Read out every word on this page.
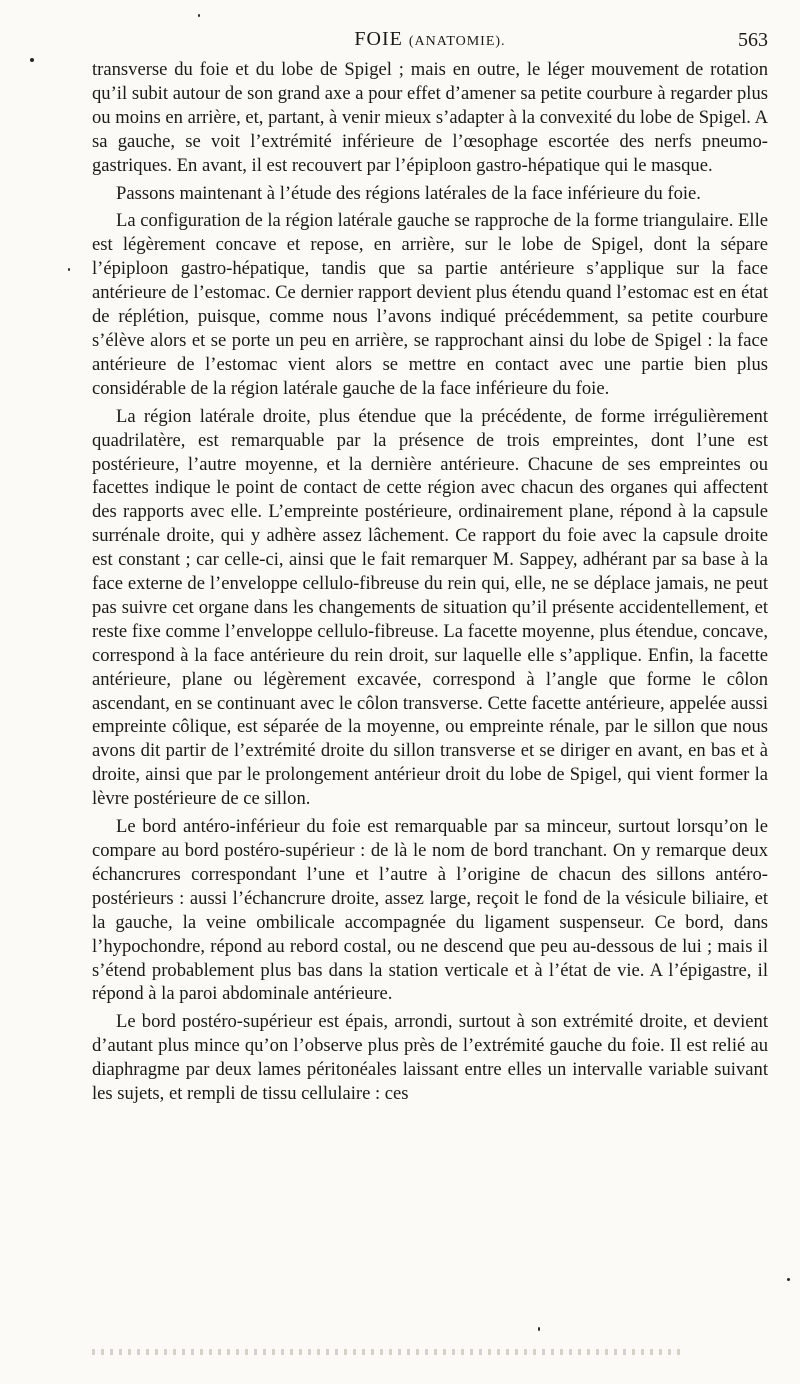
FOIE (ANATOMIE).	563

transverse du foie et du lobe de Spigel ; mais en outre, le léger mouvement de rotation qu’il subit autour de son grand axe a pour effet d’amener sa petite courbure à regarder plus ou moins en arrière, et, partant, à venir mieux s’adapter à la convexité du lobe de Spigel. A sa gauche, se voit l’extrémité inférieure de l’œsophage escortée des nerfs pneumo-gastriques. En avant, il est recouvert par l’épiploon gastro-hépatique qui le masque.

Passons maintenant à l’étude des régions latérales de la face inférieure du foie.

La configuration de la région latérale gauche se rapproche de la forme triangulaire. Elle est légèrement concave et repose, en arrière, sur le lobe de Spigel, dont la sépare l’épiploon gastro-hépatique, tandis que sa partie antérieure s’applique sur la face antérieure de l’estomac. Ce dernier rapport devient plus étendu quand l’estomac est en état de réplétion, puisque, comme nous l’avons indiqué précédemment, sa petite courbure s’élève alors et se porte un peu en arrière, se rapprochant ainsi du lobe de Spigel : la face antérieure de l’estomac vient alors se mettre en contact avec une partie bien plus considérable de la région latérale gauche de la face inférieure du foie.

La région latérale droite, plus étendue que la précédente, de forme irrégulièrement quadrilatère, est remarquable par la présence de trois empreintes, dont l’une est postérieure, l’autre moyenne, et la dernière antérieure. Chacune de ses empreintes ou facettes indique le point de contact de cette région avec chacun des organes qui affectent des rapports avec elle. L’empreinte postérieure, ordinairement plane, répond à la capsule surrénale droite, qui y adhère assez lâchement. Ce rapport du foie avec la capsule droite est constant ; car celle-ci, ainsi que le fait remarquer M. Sappey, adhérant par sa base à la face externe de l’enveloppe cellulo-fibreuse du rein qui, elle, ne se déplace jamais, ne peut pas suivre cet organe dans les changements de situation qu’il présente accidentellement, et reste fixe comme l’enveloppe cellulo-fibreuse. La facette moyenne, plus étendue, concave, correspond à la face antérieure du rein droit, sur laquelle elle s’applique. Enfin, la facette antérieure, plane ou légèrement excavée, correspond à l’angle que forme le côlon ascendant, en se continuant avec le côlon transverse. Cette facette antérieure, appelée aussi empreinte côlique, est séparée de la moyenne, ou empreinte rénale, par le sillon que nous avons dit partir de l’extrémité droite du sillon transverse et se diriger en avant, en bas et à droite, ainsi que par le prolongement antérieur droit du lobe de Spigel, qui vient former la lèvre postérieure de ce sillon.

Le bord antéro-inférieur du foie est remarquable par sa minceur, surtout lorsqu’on le compare au bord postéro-supérieur : de là le nom de bord tranchant. On y remarque deux échancrures correspondant l’une et l’autre à l’origine de chacun des sillons antéro-postérieurs : aussi l’échancrure droite, assez large, reçoit le fond de la vésicule biliaire, et la gauche, la veine ombilicale accompagnée du ligament suspenseur. Ce bord, dans l’hypochondre, répond au rebord costal, ou ne descend que peu au-dessous de lui ; mais il s’étend probablement plus bas dans la station verticale et à l’état de vie. A l’épigastre, il répond à la paroi abdominale antérieure.

Le bord postéro-supérieur est épais, arrondi, surtout à son extrémité droite, et devient d’autant plus mince qu’on l’observe plus près de l’extrémité gauche du foie. Il est relié au diaphragme par deux lames péritonéales laissant entre elles un intervalle variable suivant les sujets, et rempli de tissu cellulaire : ces
